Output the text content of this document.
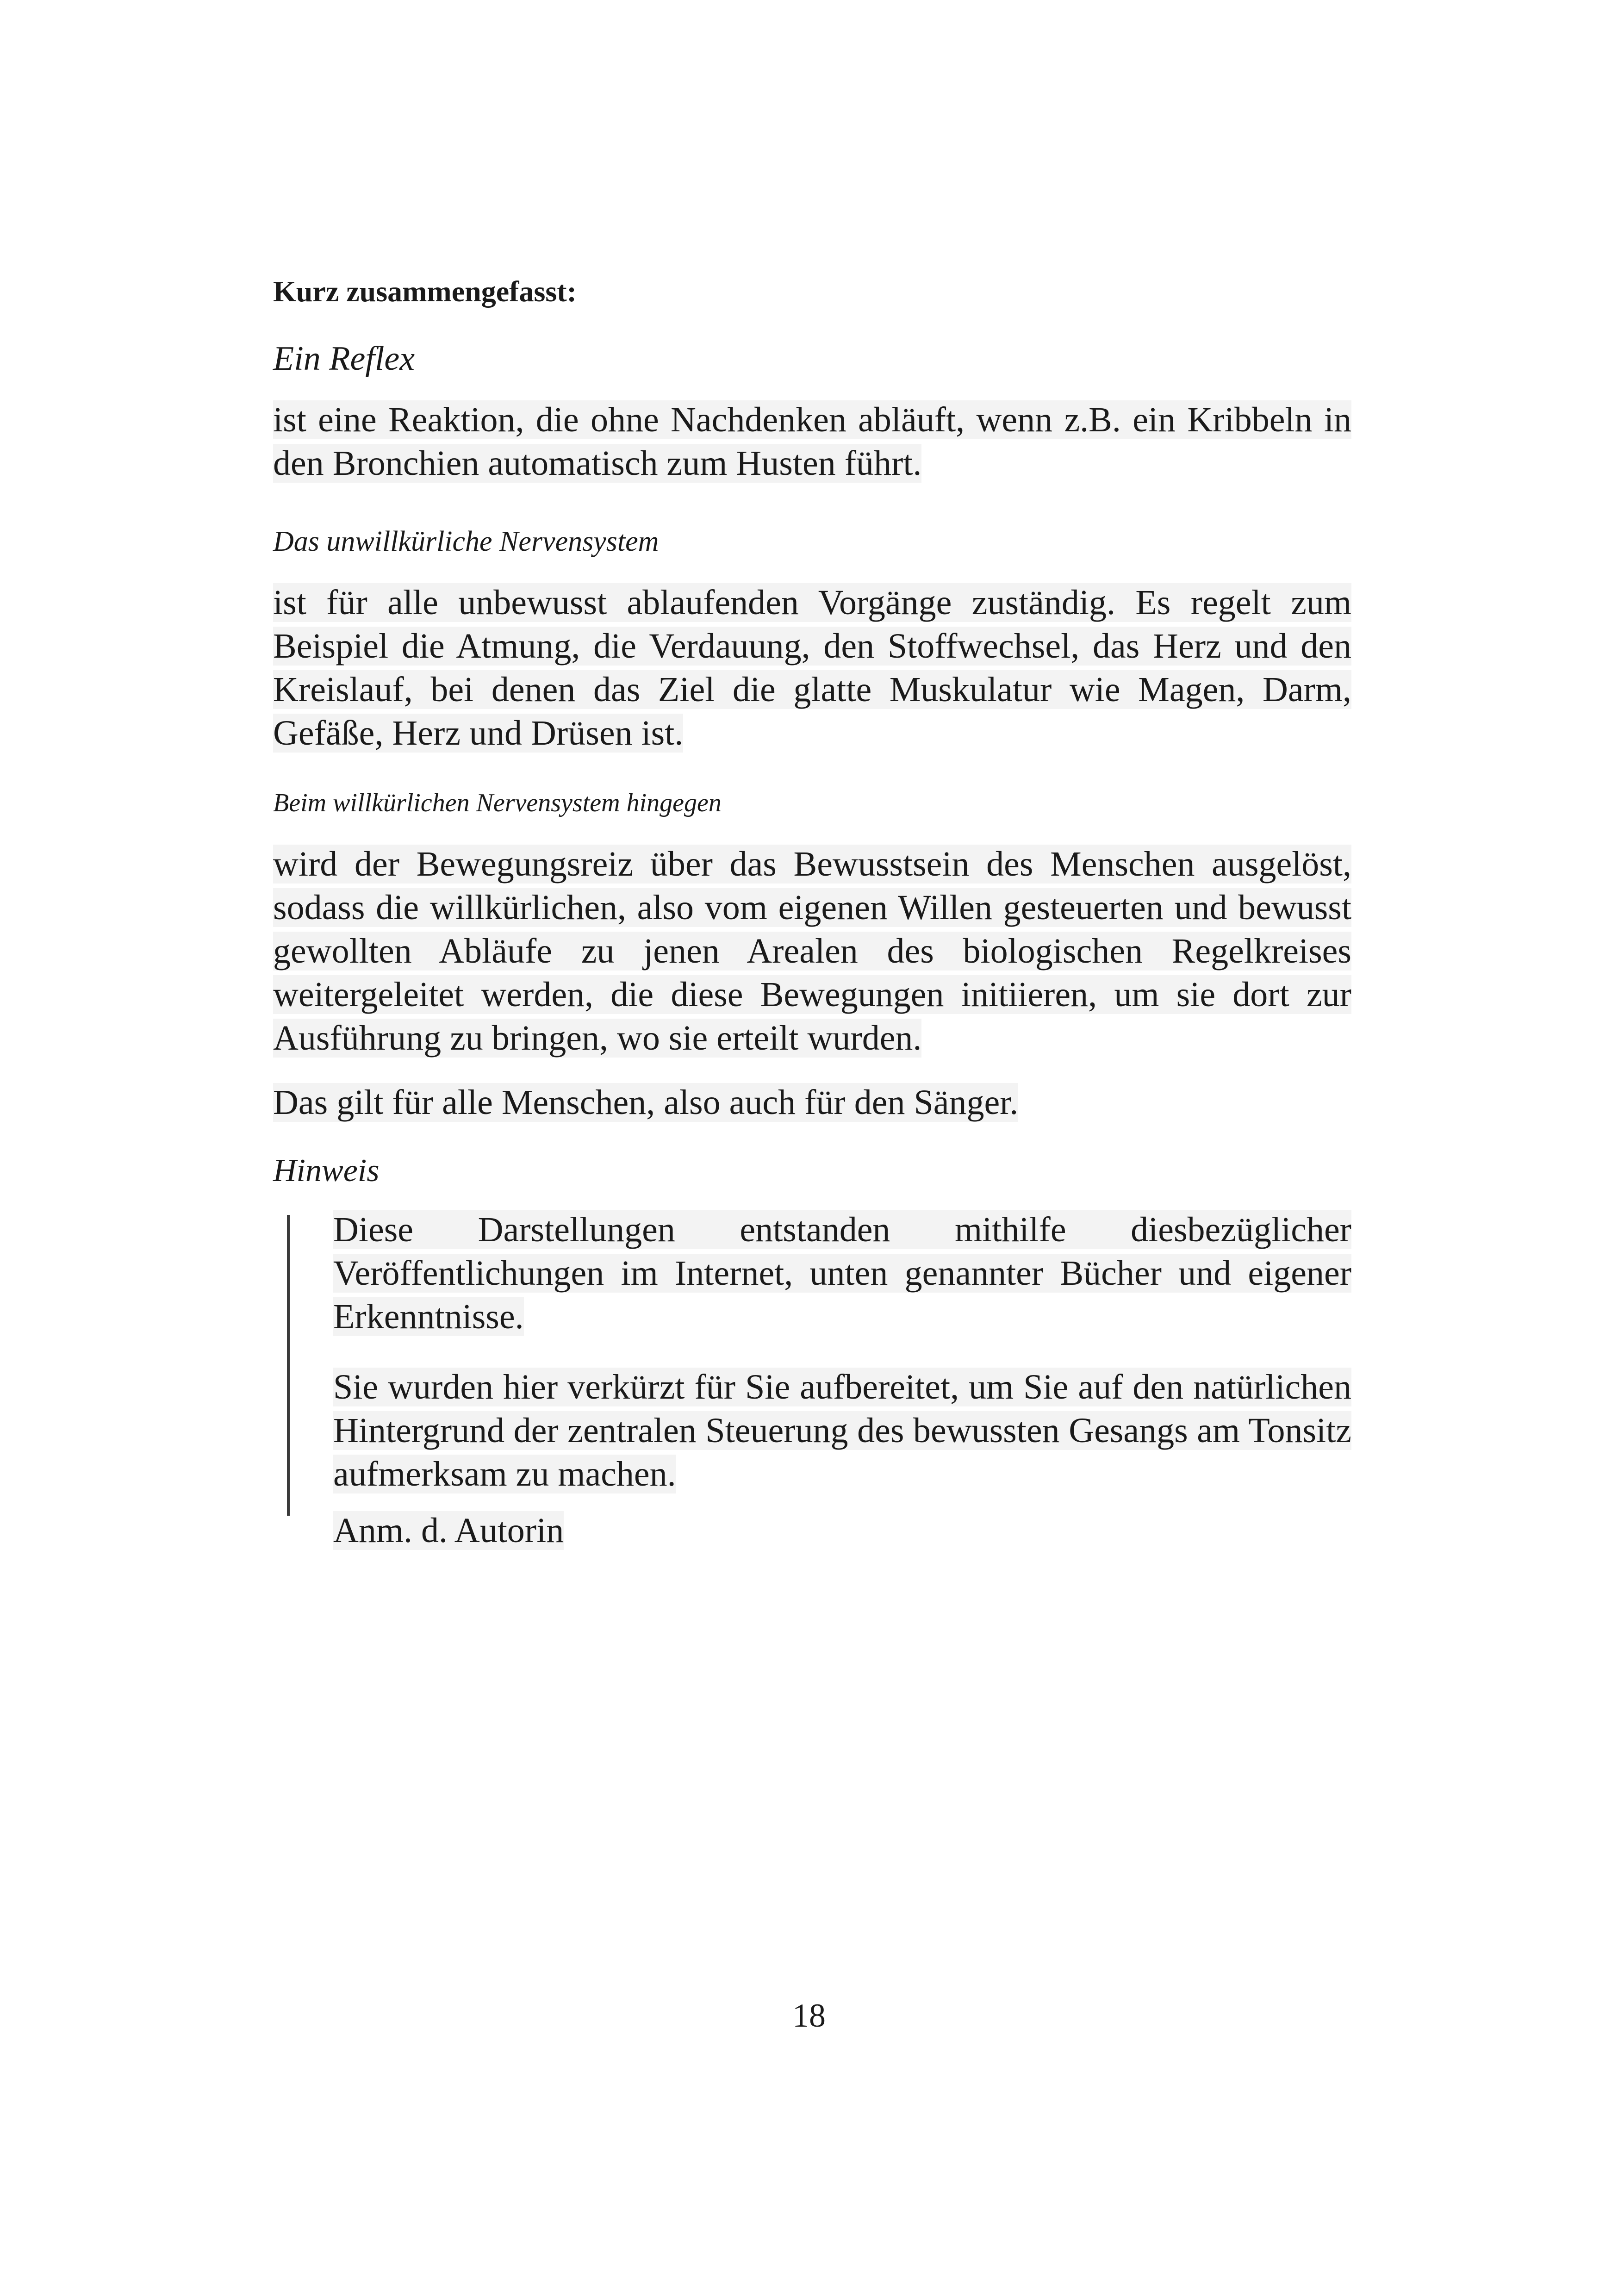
Kurz zusammengefasst:

Ein Reflex

ist eine Reaktion, die ohne Nachdenken abläuft, wenn z.B. ein Kribbeln in den Bronchien automatisch zum Husten führt.

Das unwillkürliche Nervensystem

ist für alle unbewusst ablaufenden Vorgänge zuständig. Es regelt zum Beispiel die Atmung, die Verdauung, den Stoffwechsel, das Herz und den Kreislauf, bei denen das Ziel die glatte Muskulatur wie Magen, Darm, Gefäße, Herz und Drüsen ist.

Beim willkürlichen Nervensystem hingegen

wird der Bewegungsreiz über das Bewusstsein des Menschen ausgelöst, sodass die willkürlichen, also vom eigenen Willen gesteuerten und bewusst gewollten Abläufe zu jenen Arealen des biologischen Regelkreises weitergeleitet werden, die diese Bewegungen initiieren, um sie dort zur Ausführung zu bringen, wo sie erteilt wurden.

Das gilt für alle Menschen, also auch für den Sänger.

Hinweis

Diese Darstellungen entstanden mithilfe diesbezüglicher Veröffentlichungen im Internet, unten genannter Bücher und eigener Erkenntnisse.

Sie wurden hier verkürzt für Sie aufbereitet, um Sie auf den natürlichen Hintergrund der zentralen Steuerung des bewussten Gesangs am Tonsitz aufmerksam zu machen.

Anm. d. Autorin

18
